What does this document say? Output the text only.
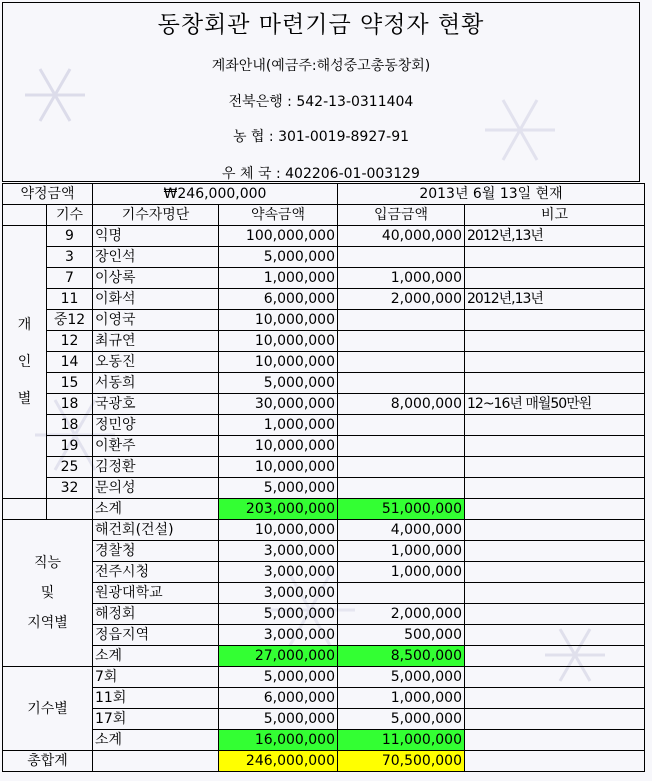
동창회관 마련기금 약정자 현황
계좌안내(예금주:해성중고총동창회)
전북은행 : 542-13-0311404
농 협 : 301-0019-8927-91
우 체 국 : 402206-01-003129
약정금액		₩246,000,000		2013년 6월 13일 현재	
	기수	기수자명단	약속금액	입금금액	비고

개
인
별	9	익명	100,000,000	40,000,000	2012년,13년
	3	장인석	5,000,000		
	7	이상록	1,000,000	1,000,000	
	11	이화석	6,000,000	2,000,000	2012년,13년
	중12	이영국	10,000,000		
	12	최규연	10,000,000		
	14	오동진	10,000,000		
	15	서동희	5,000,000		
	18	국광호	30,000,000	8,000,000	12~16년 매월50만원
	18	정민양	1,000,000		
	19	이환주	10,000,000		
	25	김정환	10,000,000		
	32	문의성	5,000,000		
		소계	203,000,000	51,000,000	

직능
및
지역별		해건회(건설)	10,000,000	4,000,000	
		경찰청	3,000,000	1,000,000	
		전주시청	3,000,000	1,000,000	
		원광대학교	3,000,000		
		해정회	5,000,000	2,000,000	
		정읍지역	3,000,000	500,000	
		소계	27,000,000	8,500,000	

기수별		7회	5,000,000	5,000,000	
		11회	6,000,000	1,000,000	
		17회	5,000,000	5,000,000	
		소계	16,000,000	11,000,000	
총합계			246,000,000	70,500,000	
